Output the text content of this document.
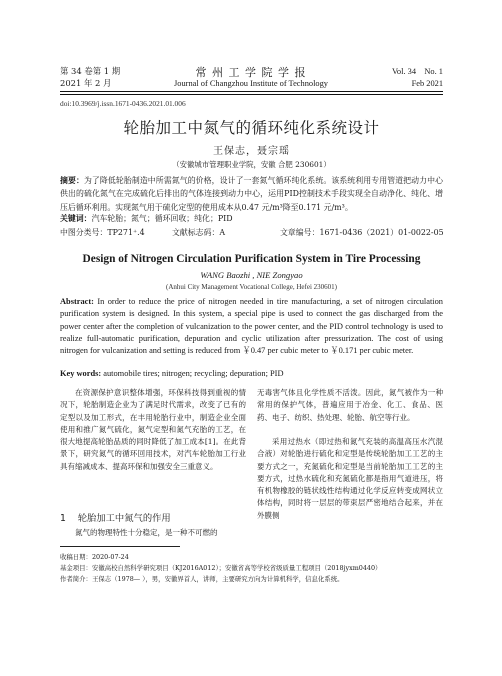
第 34 卷第 1 期
2021 年 2 月
常 州 工 学 院 学 报
Journal of Changzhou Institute of Technology
Vol. 34    No. 1
Feb 2021
doi:10.3969/j.issn.1671-0436.2021.01.006
轮胎加工中氮气的循环纯化系统设计
王保志，聂宗瑶
（安徽城市管理职业学院，安徽 合肥 230601）

摘要：为了降低轮胎制造中所需氮气的价格，设计了一套氮气循环纯化系统。该系统利用专用管道把动力中心供出的硫化氮气在完成硫化后排出的气体连接到动力中心，运用PID控制技术手段实现全自动净化、纯化、增压后循环利用。实现氮气用于硫化定型的使用成本从0.47 元/m³降至0.171 元/m³。

关键词：汽车轮胎；氮气；循环回收；纯化；PID

中图分类号：TP271⁺.4	文献标志码：A	文章编号：1671-0436（2021）01-0022-05
Design of Nitrogen Circulation Purification System in Tire Processing
WANG Baozhi , NIE Zongyao
(Anhui City Management Vocational College, Hefei 230601)

Abstract: In order to reduce the price of nitrogen needed in tire manufacturing, a set of nitrogen circulation purification system is designed. In this system, a special pipe is used to connect the gas discharged from the power center after the completion of vulcanization to the power center, and the PID control technology is used to realize full-automatic purification, depuration and cyclic utilization after pressurization. The cost of using nitrogen for vulcanization and setting is reduced from ￥0.47 per cubic meter to ￥0.171 per cubic meter.

Key words: automobile tires; nitrogen; recycling; depuration; PID

在资源保护意识整体增强，环保科技得到重视的情况下，轮胎制造企业为了满足时代需求，改变了已有的定型以及加工形式，在丰用轮胎行业中，制造企业全面使用和推广氮气硫化，氮气定型和氮气充胎的工艺，在很大地提高轮胎品质的同时降低了加工成本[1]。在此背景下，研究氮气的循环回用技术，对汽车轮胎加工行业具有缩减成本、提高环保和加强安全三重意义。

1    轮胎加工中氮气的作用

氮气的物理特性十分稳定，是一种不可燃的

无毒害气体且化学性质不活泼。因此，氮气被作为一种常用的保护气体，普遍应用于冶金、化工、食品、医药、电子、纺织、热处理、轮胎、航空等行业。

采用过热水（即过热和氮气充装的高温高压水汽混合液）对轮胎进行硫化和定型是传统轮胎加工工艺的主要方式之一，充氮硫化和定型是当前轮胎加工工艺的主要方式，过热水硫化和充氮硫化都是指用气道进压，将有机物橡胶的链状线性结构通过化学反应转变成网状立体结构，同时将一层层的带束层严密地结合起来，并在外膜侧

收稿日期：2020-07-24
基金项目：安徽高校自然科学研究项目（KJ2016A012）；安徽省高等学校省级质量工程项目（2018jyxm0440）
作者简介：王保志（1978— ），男，安徽界首人，讲师，主要研究方向为计算机科学，信息化系统。
